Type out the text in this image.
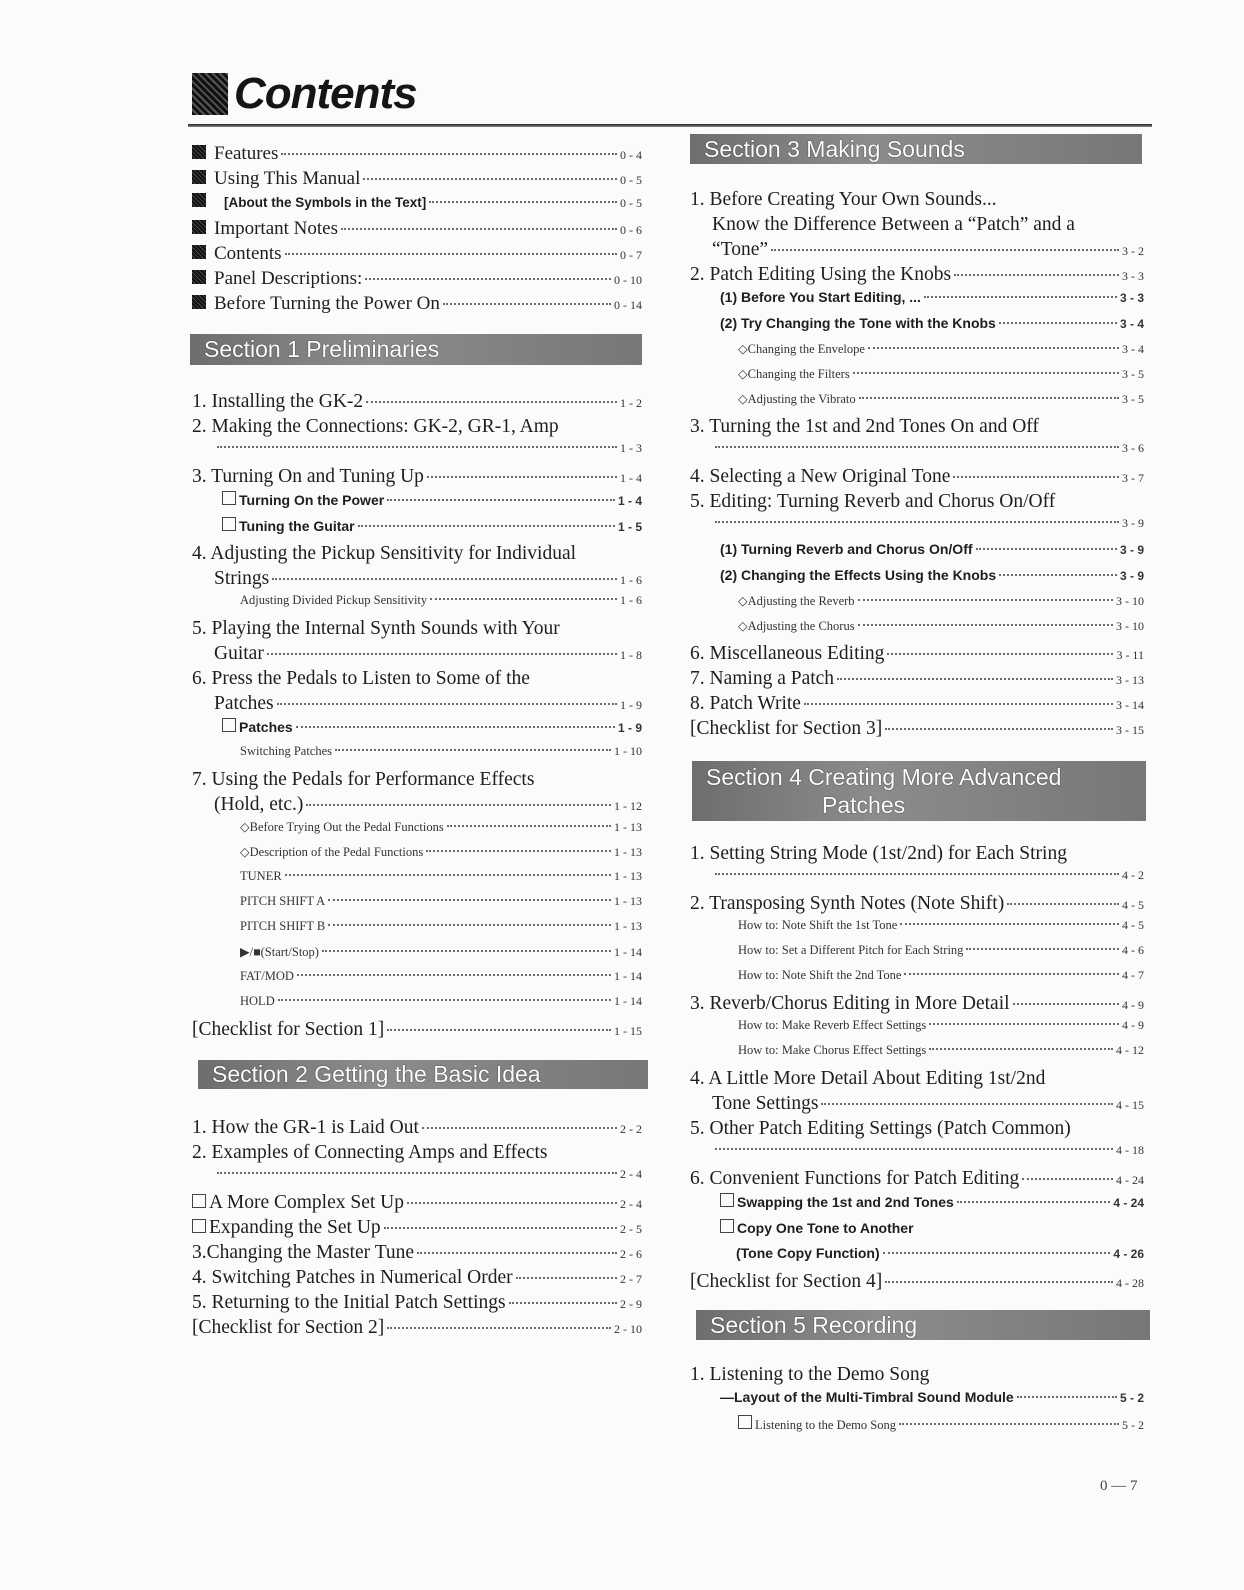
Contents
Features	0 - 4
Using This Manual	0 - 5
[About the Symbols in the Text]	0 - 5
Important Notes	0 - 6
Contents	0 - 7
Panel Descriptions:	0 - 10
Before Turning the Power On	0 - 14
Section 1 Preliminaries
1. Installing the GK-2	1 - 2
2. Making the Connections: GK-2, GR-1, Amp
1 - 3
3. Turning On and Tuning Up	1 - 4
Turning On the Power	1 - 4
Tuning the Guitar	1 - 5
4. Adjusting the Pickup Sensitivity for Individual
Strings	1 - 6
Adjusting Divided Pickup Sensitivity	1 - 6
5. Playing the Internal Synth Sounds with Your
Guitar	1 - 8
6. Press the Pedals to Listen to Some of the
Patches	1 - 9
Patches	1 - 9
Switching Patches	1 - 10
7. Using the Pedals for Performance Effects
(Hold, etc.)	1 - 12
◇Before Trying Out the Pedal Functions	1 - 13
◇Description of the Pedal Functions	1 - 13
TUNER	1 - 13
PITCH SHIFT A	1 - 13
PITCH SHIFT B	1 - 13
▶/■(Start/Stop)	1 - 14
FAT/MOD	1 - 14
HOLD	1 - 14
[Checklist for Section 1]	1 - 15
Section 2 Getting the Basic Idea
1. How the GR-1 is Laid Out	2 - 2
2. Examples of Connecting Amps and Effects
2 - 4
A More Complex Set Up	2 - 4
Expanding the Set Up	2 - 5
3.Changing the Master Tune	2 - 6
4. Switching Patches in Numerical Order	2 - 7
5. Returning to the Initial Patch Settings	2 - 9
[Checklist for Section 2]	2 - 10
Section 3 Making Sounds
1. Before Creating Your Own Sounds...
Know the Difference Between a “Patch” and a
“Tone”	3 - 2
2. Patch Editing Using the Knobs	3 - 3
(1) Before You Start Editing, ...	3 - 3
(2) Try Changing the Tone with the Knobs	3 - 4
◇Changing the Envelope	3 - 4
◇Changing the Filters	3 - 5
◇Adjusting the Vibrato	3 - 5
3. Turning the 1st and 2nd Tones On and Off
3 - 6
4. Selecting a New Original Tone	3 - 7
5. Editing: Turning Reverb and Chorus On/Off
3 - 9
(1) Turning Reverb and Chorus On/Off	3 - 9
(2) Changing the Effects Using the Knobs	3 - 9
◇Adjusting the Reverb	3 - 10
◇Adjusting the Chorus	3 - 10
6. Miscellaneous Editing	3 - 11
7. Naming a Patch	3 - 13
8. Patch Write	3 - 14
[Checklist for Section 3]	3 - 15
Section 4 Creating More Advanced
Patches
1. Setting String Mode (1st/2nd) for Each String
4 - 2
2. Transposing Synth Notes (Note Shift)	4 - 5
How to: Note Shift the 1st Tone	4 - 5
How to: Set a Different Pitch for Each String	4 - 6
How to: Note Shift the 2nd Tone	4 - 7
3. Reverb/Chorus Editing in More Detail	4 - 9
How to: Make Reverb Effect Settings	4 - 9
How to: Make Chorus Effect Settings	4 - 12
4. A Little More Detail About Editing 1st/2nd
Tone Settings	4 - 15
5. Other Patch Editing Settings (Patch Common)
4 - 18
6. Convenient Functions for Patch Editing	4 - 24
Swapping the 1st and 2nd Tones	4 - 24
Copy One Tone to Another
(Tone Copy Function)	4 - 26
[Checklist for Section 4]	4 - 28
Section 5 Recording
1. Listening to the Demo Song
—Layout of the Multi-Timbral Sound Module	5 - 2
Listening to the Demo Song	5 - 2
0 — 7
